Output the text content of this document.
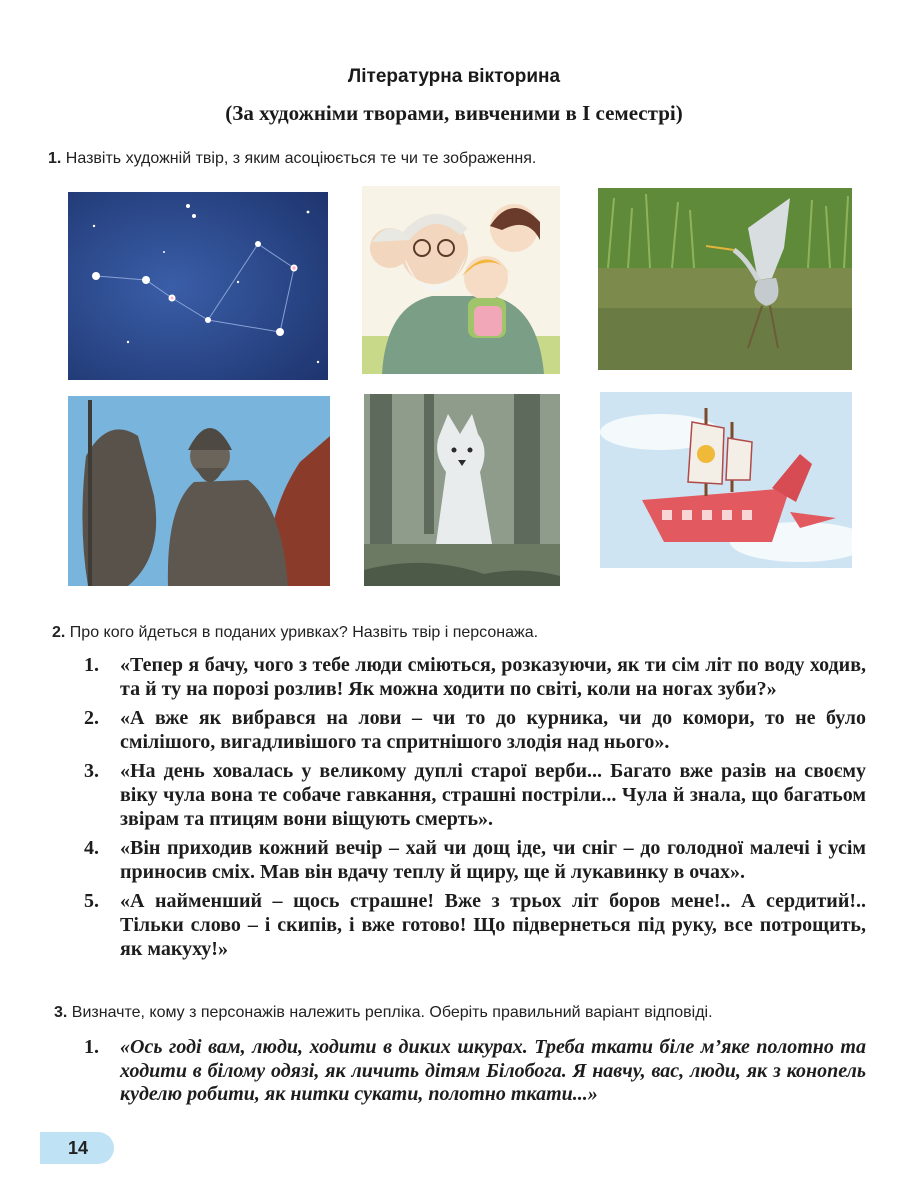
Літературна вікторина
(За художніми творами, вивченими в І семестрі)
1. Назвіть художній твір, з яким асоціюється те чи те зображення.
2. Про кого йдеться в поданих уривках? Назвіть твір і персонажа.
1. «Тепер я бачу, чого з тебе люди сміються, розказуючи, як ти сім літ по воду ходив, та й ту на порозі розлив! Як можна ходити по світі, коли на ногах зуби?»
2. «А вже як вибрався на лови – чи то до курника, чи до комори, то не було смілішого, вигадливішого та спритнішого злодія над нього».
3. «На день ховалась у великому дуплі старої верби... Багато вже разів на своєму віку чула вона те собаче гавкання, страшні постріли... Чула й знала, що багатьом звірам та птицям вони віщують смерть».
4. «Він приходив кожний вечір – хай чи дощ іде, чи сніг – до голодної малечі і усім приносив сміх. Мав він вдачу теплу й щиру, ще й лукавинку в очах».
5. «А найменший – щось страшне! Вже з трьох літ боров мене!.. А сердитий!.. Тільки слово – і скипів, і вже готово! Що підвернеться під руку, все потрощить, як макуху!»
3. Визначте, кому з персонажів належить репліка. Оберіть правильний варіант відповіді.
1. «Ось годі вам, люди, ходити в диких шкурах. Треба ткати біле м’яке полотно та ходити в білому одязі, як личить дітям Білобога. Я навчу, вас, люди, як з конопель куделю робити, як нитки сукати, полотно ткати...»
14
